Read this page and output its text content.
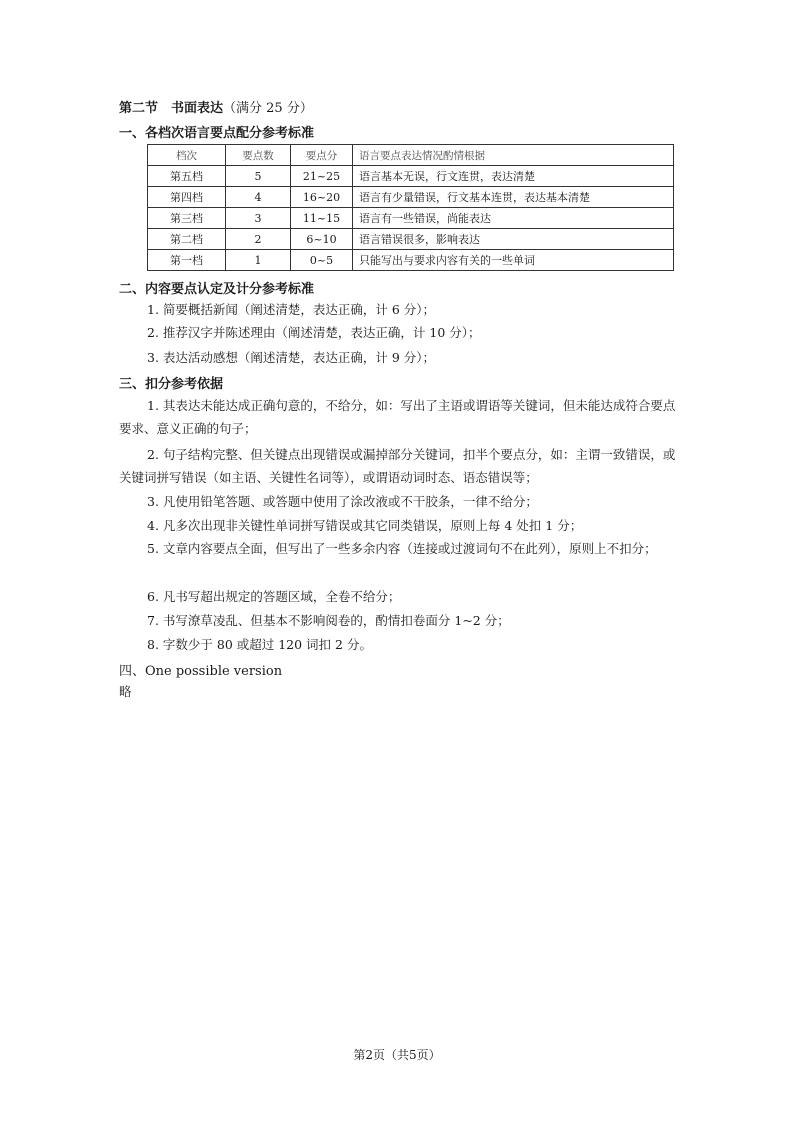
第二节　书面表达（满分 25 分）
一、各档次语言要点配分参考标准
档次	要点数	要点分	语言要点表达情况酌情根据
第五档	5	21~25	语言基本无误，行文连贯，表达清楚
第四档	4	16~20	语言有少量错误，行文基本连贯，表达基本清楚
第三档	3	11~15	语言有一些错误，尚能表达
第二档	2	6~10	语言错误很多，影响表达
第一档	1	0~5	只能写出与要求内容有关的一些单词
二、内容要点认定及计分参考标准
1. 简要概括新闻（阐述清楚，表达正确，计 6 分）；
2. 推荐汉字并陈述理由（阐述清楚，表达正确，计 10 分）；
3. 表达活动感想（阐述清楚，表达正确，计 9 分）；
三、扣分参考依据
1. 其表达未能达成正确句意的，不给分，如：写出了主语或谓语等关键词，但未能达成符合要点要求、意义正确的句子；
2. 句子结构完整、但关键点出现错误或漏掉部分关键词，扣半个要点分，如：主谓一致错误，或关键词拼写错误（如主语、关键性名词等），或谓语动词时态、语态错误等；
3. 凡使用铅笔答题、或答题中使用了涂改液或不干胶条，一律不给分；
4. 凡多次出现非关键性单词拼写错误或其它同类错误，原则上每 4 处扣 1 分；
5. 文章内容要点全面，但写出了一些多余内容（连接或过渡词句不在此列），原则上不扣分；
6. 凡书写超出规定的答题区域，全卷不给分；
7. 书写潦草凌乱、但基本不影响阅卷的，酌情扣卷面分 1~2 分；
8. 字数少于 80 或超过 120 词扣 2 分。
四、One possible version
略
第2页（共5页）
